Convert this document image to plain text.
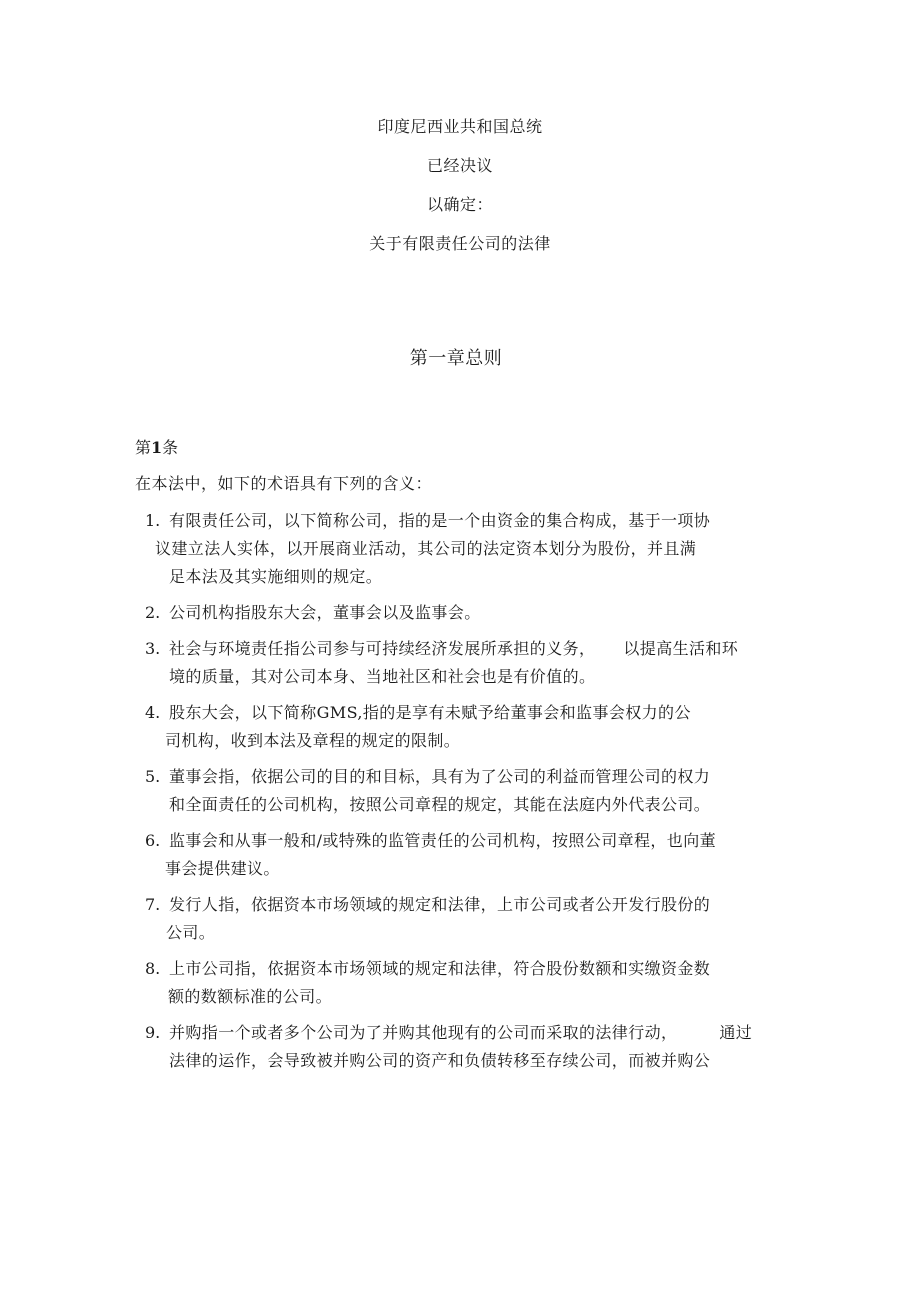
印度尼西业共和国总统
已经决议
以确定：
关于有限责任公司的法律
第一章总则
第1条
在本法中，如下的术语具有下列的含义：
1. 有限责任公司，以下简称公司，指的是一个由资金的集合构成，基于一项协
议建立法人实体，以开展商业活动，其公司的法定资本划分为股份，并且满
足本法及其实施细则的规定。
2. 公司机构指股东大会，董事会以及监事会。
3. 社会与环境责任指公司参与可持续经济发展所承担的义务， 以提高生活和环
境的质量，其对公司本身、当地社区和社会也是有价值的。
4. 股东大会，以下简称GMS,指的是享有未赋予给董事会和监事会权力的公
司机构，收到本法及章程的规定的限制。
5. 董事会指，依据公司的目的和目标，具有为了公司的利益而管理公司的权力
和全面责任的公司机构，按照公司章程的规定，其能在法庭内外代表公司。
6. 监事会和从事一般和/或特殊的监管责任的公司机构，按照公司章程，也向董
事会提供建议。
7. 发行人指，依据资本市场领域的规定和法律，上市公司或者公开发行股份的
公司。
8. 上市公司指，依据资本市场领域的规定和法律，符合股份数额和实缴资金数
额的数额标准的公司。
9. 并购指一个或者多个公司为了并购其他现有的公司而采取的法律行动，	通过
法律的运作，会导致被并购公司的资产和负债转移至存续公司，而被并购公
